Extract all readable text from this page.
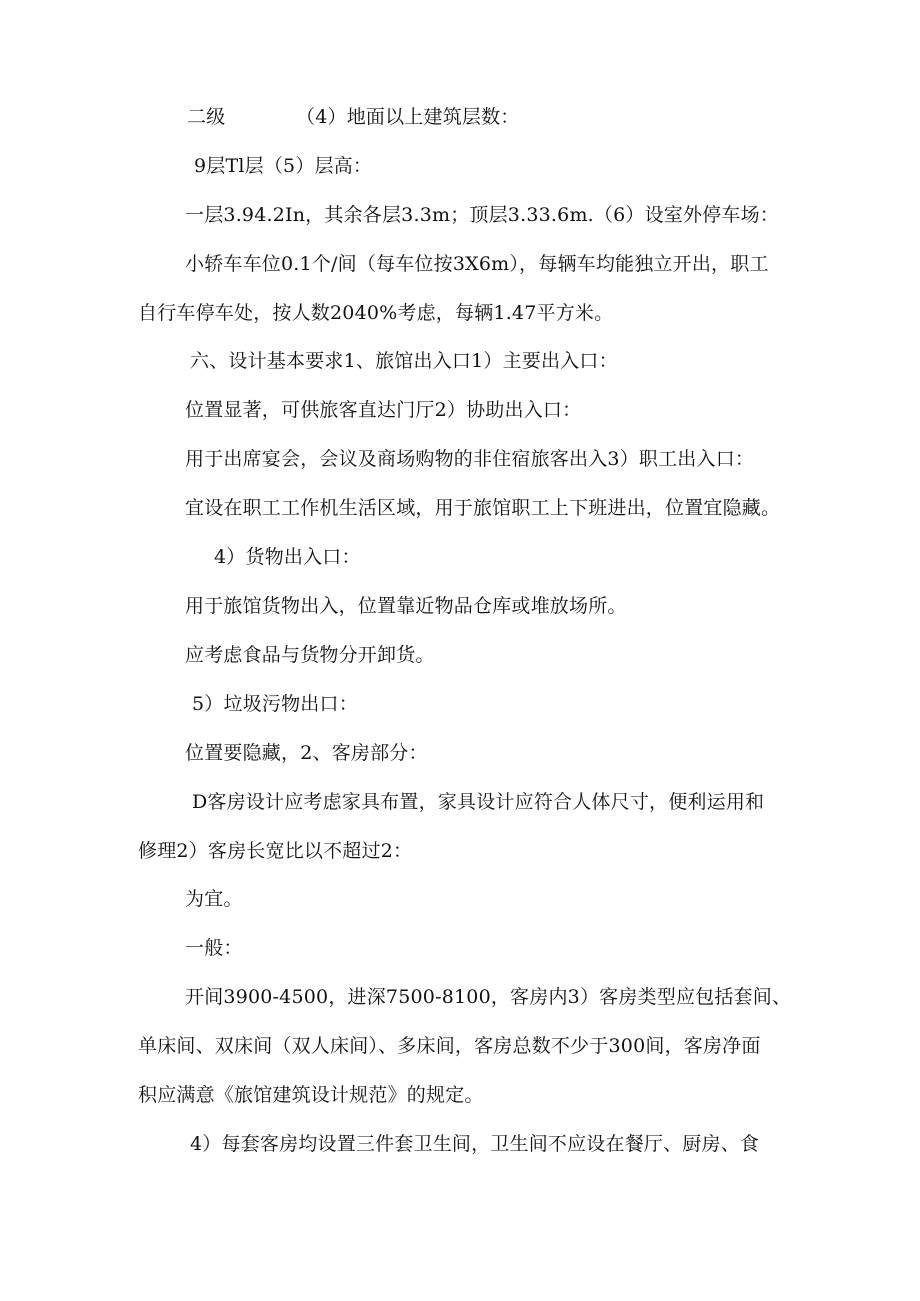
二级	（4）地面以上建筑层数：
9层Tl层（5）层高：
一层3.94.2In，其余各层3.3m；顶层3.33.6m.（6）设室外停车场：
小轿车车位0.1个/间（每车位按3X6m），每辆车均能独立开出，职工
自行车停车处，按人数2040%考虑，每辆1.47平方米。
六、设计基本要求1、旅馆出入口1）主要出入口：
位置显著，可供旅客直达门厅2）协助出入口：
用于出席宴会，会议及商场购物的非住宿旅客出入3）职工出入口：
宜设在职工工作机生活区域，用于旅馆职工上下班进出，位置宜隐藏。
4）货物出入口：
用于旅馆货物出入，位置靠近物品仓库或堆放场所。
应考虑食品与货物分开卸货。
5）垃圾污物出口：
位置要隐藏，2、客房部分：
D客房设计应考虑家具布置，家具设计应符合人体尺寸，便利运用和
修理2）客房长宽比以不超过2：
为宜。
一般：
开间3900-4500，进深7500-8100，客房内3）客房类型应包括套间、
单床间、双床间（双人床间）、多床间，客房总数不少于300间，客房净面
积应满意《旅馆建筑设计规范》的规定。
4）每套客房均设置三件套卫生间，卫生间不应设在餐厅、厨房、食
